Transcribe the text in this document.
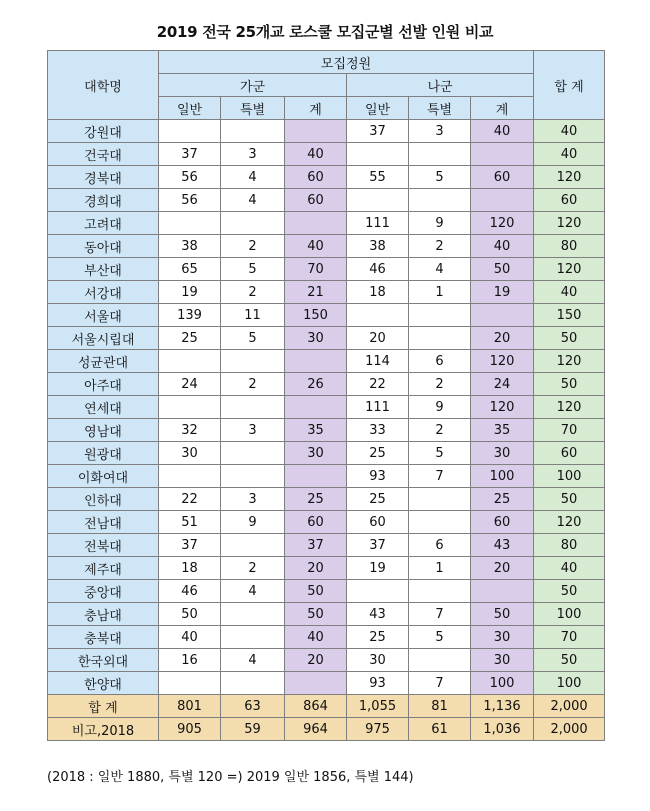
2019 전국 25개교 로스쿨 모집군별 선발 인원 비교
대학명	모집정원						합 계
	가군			나군			
	일반	특별	계	일반	특별	계	
강원대				37	3	40	40
건국대	37	3	40				40
경북대	56	4	60	55	5	60	120
경희대	56	4	60				60
고려대				111	9	120	120
동아대	38	2	40	38	2	40	80
부산대	65	5	70	46	4	50	120
서강대	19	2	21	18	1	19	40
서울대	139	11	150				150
서울시립대	25	5	30	20		20	50
성균관대				114	6	120	120
아주대	24	2	26	22	2	24	50
연세대				111	9	120	120
영남대	32	3	35	33	2	35	70
원광대	30		30	25	5	30	60
이화여대				93	7	100	100
인하대	22	3	25	25		25	50
전남대	51	9	60	60		60	120
전북대	37		37	37	6	43	80
제주대	18	2	20	19	1	20	40
중앙대	46	4	50				50
충남대	50		50	43	7	50	100
충북대	40		40	25	5	30	70
한국외대	16	4	20	30		30	50
한양대				93	7	100	100
합 계	801	63	864	1,055	81	1,136	2,000
비고,2018	905	59	964	975	61	1,036	2,000
(2018 : 일반 1880, 특별 120 =) 2019 일반 1856, 특별 144)
